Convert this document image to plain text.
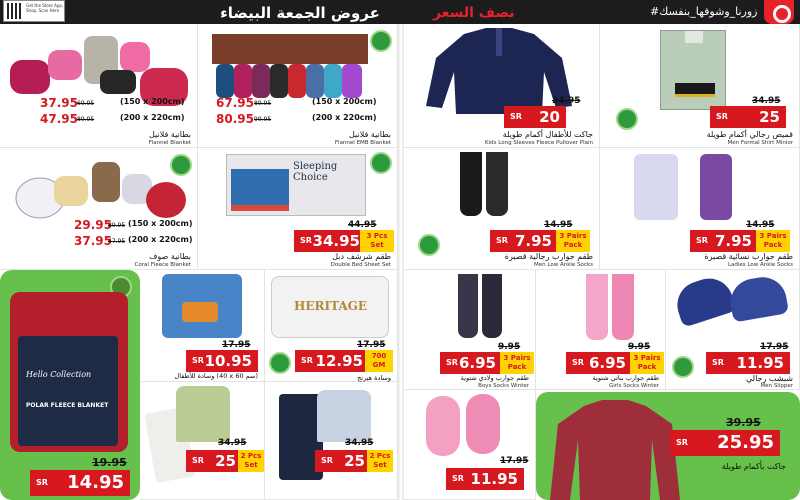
Get the Store App, Shop, Scan Here	عروض الجمعة البيضاء	نصف السعر	#زورنا_وشوفها_بنفسك
37.95 69.95	(150 x 200cm)
47.95 89.95	(200 x 220cm)
بطانية فلانيل
Flannel Blanket
67.95 89.95	(150 x 200cm)
80.95 99.95	(200 x 220cm)
بطانية فلانيل
Flannel EMB Blanket
29.95
39.95 (150 x 200cm)
37.95
47.95 (200 x 220cm)
بطانية صوف
Coral Fleece Blanket
Sleeping Choice
44.95
SR 34.95 3 Pcs Set
طقم شرشف دبل
Double Bed Sheet Set
Hello Collection
POLAR FLEECE BLANKET
19.95
SR 14.95
17.95
SR 10.95
وسادة للأطفال (40 x 60 سم)
HERITAGE
17.95
SR 12.95	700 GM
وسادة هيرتج
34.95
SR 25 2 Pcs Set
34.95
SR 25 2 Pcs Set
24.95
SR 20
جاكت للأطفال أكمام طويلة
Kids Long Sleeves Fleece Pullover Plain
34.95
SR 25
قميص رجالي أكمام طويلة
Men Formal Shirt Minior
14.95
SR 7.95	3 Pairs Pack
طقم جوارب رجالية قصيرة
Men Low Ankle Socks
14.95
SR 7.95	3 Pairs Pack
طقم جوارب نسائية قصيرة
Ladies Low Ankle Socks
9.95
SR 6.95	3 Pairs Pack
طقم جوارب ولادي شتوية
Boys Socks Winter
9.95
SR 6.95	3 Pairs Pack
طقم جوارب بناتي شتوية
Girls Socks Winter
17.95
SR 11.95
شبشب رجالي
Men Slipper
17.95
SR 11.95
39.95
SR 25.95
جاكت بأكمام طويلة
